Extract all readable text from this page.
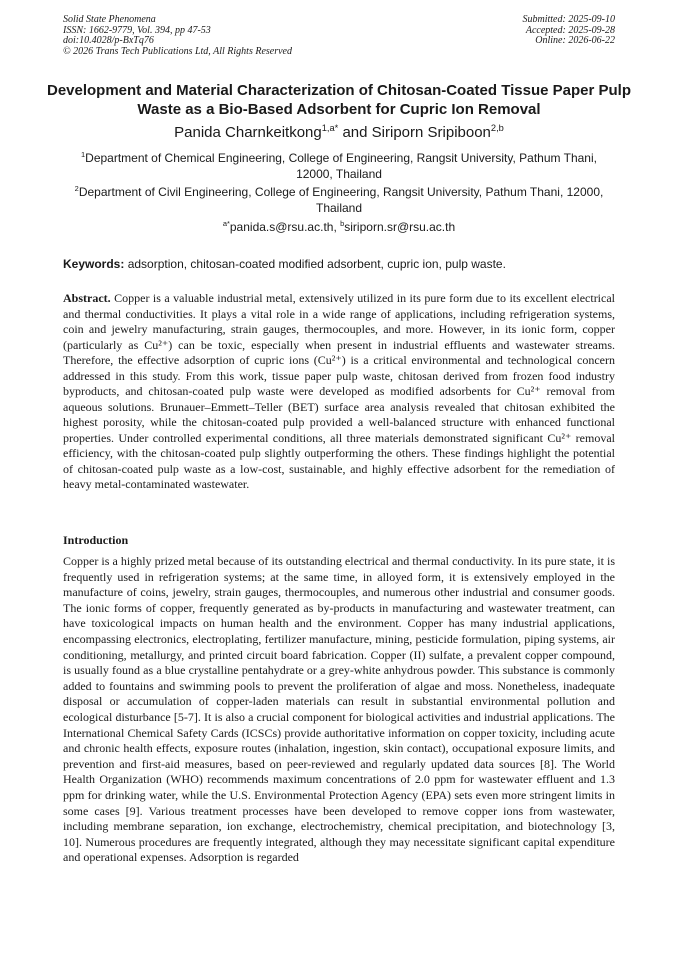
Solid State Phenomena
ISSN: 1662-9779, Vol. 394, pp 47-53
doi:10.4028/p-BxTq76
© 2026 Trans Tech Publications Ltd, All Rights Reserved
Submitted: 2025-09-10
Accepted: 2025-09-28
Online: 2026-06-22
Development and Material Characterization of Chitosan-Coated Tissue Paper Pulp Waste as a Bio-Based Adsorbent for Cupric Ion Removal
Panida Charnkeitkong$^{1,a*}$ and Siriporn Sripiboon$^{2,b}$
$^1$Department of Chemical Engineering, College of Engineering, Rangsit University, Pathum Thani, 12000, Thailand
$^2$Department of Civil Engineering, College of Engineering, Rangsit University, Pathum Thani, 12000, Thailand
$^{a*}$panida.s@rsu.ac.th, $^b$siriporn.sr@rsu.ac.th
Keywords: adsorption, chitosan-coated modified adsorbent, cupric ion, pulp waste.

Abstract. Copper is a valuable industrial metal, extensively utilized in its pure form due to its excellent electrical and thermal conductivities. It plays a vital role in a wide range of applications, including refrigeration systems, coin and jewelry manufacturing, strain gauges, thermocouples, and more. However, in its ionic form, copper (particularly as Cu²⁺) can be toxic, especially when present in industrial effluents and wastewater streams. Therefore, the effective adsorption of cupric ions (Cu²⁺) is a critical environmental and technological concern addressed in this study. From this work, tissue paper pulp waste, chitosan derived from frozen food industry byproducts, and chitosan-coated pulp waste were developed as modified adsorbents for Cu²⁺ removal from aqueous solutions. Brunauer–Emmett–Teller (BET) surface area analysis revealed that chitosan exhibited the highest porosity, while the chitosan-coated pulp provided a well-balanced structure with enhanced functional properties. Under controlled experimental conditions, all three materials demonstrated significant Cu²⁺ removal efficiency, with the chitosan-coated pulp slightly outperforming the others. These findings highlight the potential of chitosan-coated pulp waste as a low-cost, sustainable, and highly effective adsorbent for the remediation of heavy metal-contaminated wastewater.

Introduction

Copper is a highly prized metal because of its outstanding electrical and thermal conductivity. In its pure state, it is frequently used in refrigeration systems; at the same time, in alloyed form, it is extensively employed in the manufacture of coins, jewelry, strain gauges, thermocouples, and numerous other industrial and consumer goods. The ionic forms of copper, frequently generated as by-products in manufacturing and wastewater treatment, can have toxicological impacts on human health and the environment. Copper has many industrial applications, encompassing electronics, electroplating, fertilizer manufacture, mining, pesticide formulation, piping systems, air conditioning, metallurgy, and printed circuit board fabrication. Copper (II) sulfate, a prevalent copper compound, is usually found as a blue crystalline pentahydrate or a grey-white anhydrous powder. This substance is commonly added to fountains and swimming pools to prevent the proliferation of algae and moss. Nonetheless, inadequate disposal or accumulation of copper-laden materials can result in substantial environmental pollution and ecological disturbance [5-7]. It is also a crucial component for biological activities and industrial applications. The International Chemical Safety Cards (ICSCs) provide authoritative information on copper toxicity, including acute and chronic health effects, exposure routes (inhalation, ingestion, skin contact), occupational exposure limits, and prevention and first-aid measures, based on peer-reviewed and regularly updated data sources [8]. The World Health Organization (WHO) recommends maximum concentrations of 2.0 ppm for wastewater effluent and 1.3 ppm for drinking water, while the U.S. Environmental Protection Agency (EPA) sets even more stringent limits in some cases [9]. Various treatment processes have been developed to remove copper ions from wastewater, including membrane separation, ion exchange, electrochemistry, chemical precipitation, and biotechnology [3, 10]. Numerous procedures are frequently integrated, although they may necessitate significant capital expenditure and operational expenses. Adsorption is regarded
